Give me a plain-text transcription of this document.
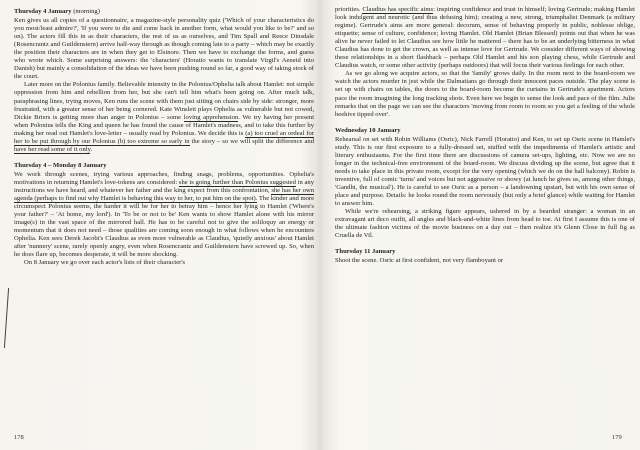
Thursday 4 January (morning)

Ken gives us all copies of a questionnaire, a magazine-style personality quiz ('Which of your characteristics do you most/least admire?', 'If you were to die and come back in another form, what would you like to be?' and so on). The actors fill this in as their characters, the rest of us as ourselves, and Tim Spall and Reece Dinsdale (Rosencrantz and Guildenstern) arrive half-way through as though coming late to a party – which may be exactly the position their characters are in when they get to Elsinore. Then we have to exchange the forms, and guess who wrote which. Some surprising answers: the 'characters' (Horatio wants to translate Virgil's Aeneid into Danish) but mainly a consolidation of the ideas we have been pushing round so far, a good way of taking stock of the court.

Later more on the Polonius family. Believable intensity in the Polonius/Ophelia talk about Hamlet: not simple oppression from him and rebellion from her, but she can't tell him what's been going on. After much talk, paraphrasing lines, trying moves, Ken runs the scene with them just sitting on chairs side by side: stronger, more frustrated, with a greater sense of her being cornered. Kate Winslett plays Ophelia as vulnerable but not cowed, Dickie Briers is getting more than anger in Polonius – some loving apprehension. We try having her present when Polonius tells the King and queen he has found the cause of Hamlet's madness, and to take this further by making her read out Hamlet's love-letter – usually read by Polonius. We decide this is (a) too cruel an ordeal for her to be put through by our Polonius (b) too extreme so early in the story – so we will split the difference and have her read some of it only.

Thursday 4 – Monday 8 January

We work through scenes, trying various approaches, finding snags, problems, opportunities. Ophelia's motivations in returning Hamlet's love-tokens are considered: she is going further than Polonius suggested in any instructions we have heard, and whatever her father and the king expect from this confrontation, she has her own agenda (perhaps to find out why Hamlet is behaving this way to her, to put him on the spot). The kinder and more circumspect Polonius seems, the harder it will be for her to betray him – hence her lying to Hamlet ('Where's your father?' – 'At home, my lord'). In 'To be or not to be' Ken wants to show Hamlet alone with his mirror image(s) in the vast space of the mirrored hall. He has to be careful not to give the soliloquy an energy or momentum that it does not need – those qualities are coming soon enough in what follows when he encounters Ophelia. Ken sees Derek Jacobi's Claudius as even more vulnerable as Claudius, 'quietly anxious' about Hamlet after 'nunnery' scene, rarely openly angry, even when Rosencrantz and Guildenstern have screwed up. So, when he does flare up, becomes desperate, it will be more shocking.

On 8 January we go over each actor's lists of their character's

178

priorities. Claudius has specific aims: inspiring confidence and trust in himself; loving Gertrude; making Hamlet look indulgent and neurotic (and thus defusing him); creating a new, strong, triumphalist Denmark (a military regime). Gertrude's aims are more general: decorum, sense of behaving properly in public, noblesse oblige, etiquette; sense of culture, confidence; loving Hamlet. Old Hamlet (Brian Blessed) points out that when he was alive he never failed to let Claudius see how little he mattered – there has to be an underlying bitterness in what Claudius has done to get the crown, as well as intense love for Gertrude. We consider different ways of showing these relationships in a short flashback – perhaps Old Hamlet and his son playing chess, while Gertrude and Claudius watch, or some other activity (perhaps outdoors) that will focus their various feelings for each other.

As we go along we acquire actors, so that the 'family' grows daily. In the room next to the board-room we watch the actors murder in jest while the Dalmatians go through their innocent paces outside. The play scene is set up with chairs on tables, the doors to the board-room become the curtains in Gertrude's apartment. Actors pace the room imagining the long tracking shots. Even here we begin to sense the look and pace of the film. Julie remarks that on the page we can see the characters 'moving from room to room so you get a feeling of the whole beehive tipped over'.

Wednesday 10 January

Rehearsal on set with Robin Williams (Osric), Nick Farrell (Horatio) and Ken, to set up Osric scene in Hamlet's study. This is our first exposure to a fully-dressed set, stuffed with the impedimenta of Hamlet's artistic and literary enthusiasms. For the first time there are discussions of camera set-ups, lighting, etc. Now we are no longer in the technical-free environment of the board-room. We discuss dividing up the scene, but agree that it needs to take place in this private room, except for the very opening (which we do on the hall balcony). Robin is inventive, full of comic 'turns' and voices but not aggressive or showy (at lunch he gives us, among other things, 'Gandhi, the musical'). He is careful to see Osric as a person – a landowning upstart, but with his own sense of place and purpose. Details: he looks round the room nervously (but only a brief glance) while waiting for Hamlet to answer him.

While we're rehearsing, a striking figure appears, ushered in by a bearded stranger: a woman in an extravagant art deco outfit, all angles and black-and-white lines from head to toe. At first I assume this is one of the ultimate fashion victims of the movie business on a day out – then realize it's Glenn Close in full fig as Cruella de Vil.

Thursday 11 January

Shoot the scene. Osric at first confident, not very flamboyant or

179
